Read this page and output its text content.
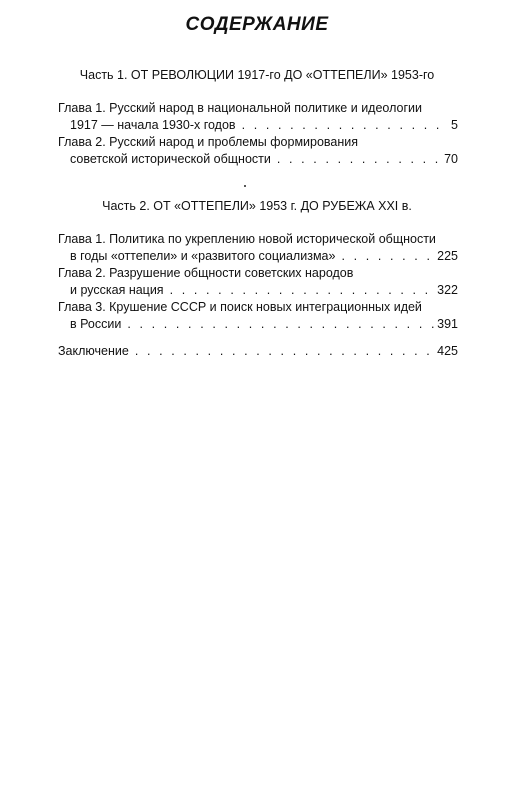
СОДЕРЖАНИЕ
Часть 1. ОТ РЕВОЛЮЦИИ 1917-го ДО «ОТТЕПЕЛИ» 1953-го
Глава 1. Русский народ в национальной политике и идеологии
1917 — начала 1930-х годов . . .	5
Глава 2. Русский народ и проблемы формирования
советской исторической общности . . .	70
Часть 2. ОТ «ОТТЕПЕЛИ» 1953 г. ДО РУБЕЖА XXI в.
Глава 1. Политика по укреплению новой исторической общности
в годы «оттепели» и «развитого социализма» . . .	225
Глава 2. Разрушение общности советских народов
и русская нация . . .	322
Глава 3. Крушение СССР и поиск новых интеграционных идей
в России . . .	391
Заключение . . .	425
